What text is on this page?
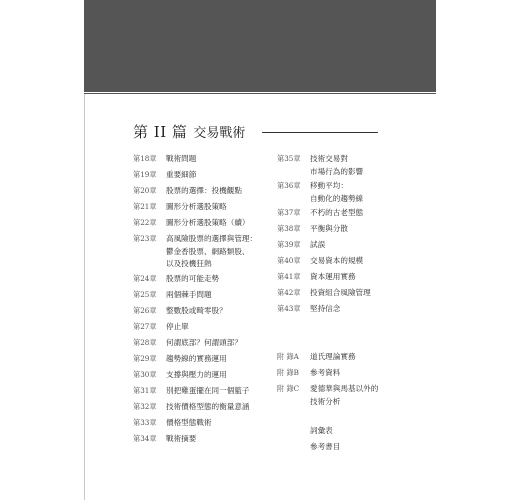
第 II 篇 交易戰術
第18章 戰術問題
第19章 重要細節
第20章 股票的選擇：投機觀點
第21章 圖形分析選股策略
第22章 圖形分析選股策略（續）
第23章 高風險股票的選擇與管理：
鬱金香股票、網路類股、
以及投機狂熱
第24章 股票的可能走勢
第25章 兩個棘手問題
第26章 整數股或畸零股？
第27章 停止單
第28章 何謂底部？何謂頭部？
第29章 趨勢線的實務運用
第30章 支撐與壓力的運用
第31章 別把雞蛋擺在同一個籃子
第32章 技術價格型態的衡量意涵
第33章 價格型態戰術
第34章 戰術摘要
第35章 技術交易對
市場行為的影響
第36章 移動平均：
自動化的趨勢線
第37章 不朽的古老型態
第38章 平衡與分散
第39章 試誤
第40章 交易資本的規模
第41章 資本運用實務
第42章 投資組合風險管理
第43章 堅持信念
附 錄A 道氏理論實務
附 錄B 參考資料
附 錄C 愛德華與馬基以外的
技術分析
詞彙表
參考書目
